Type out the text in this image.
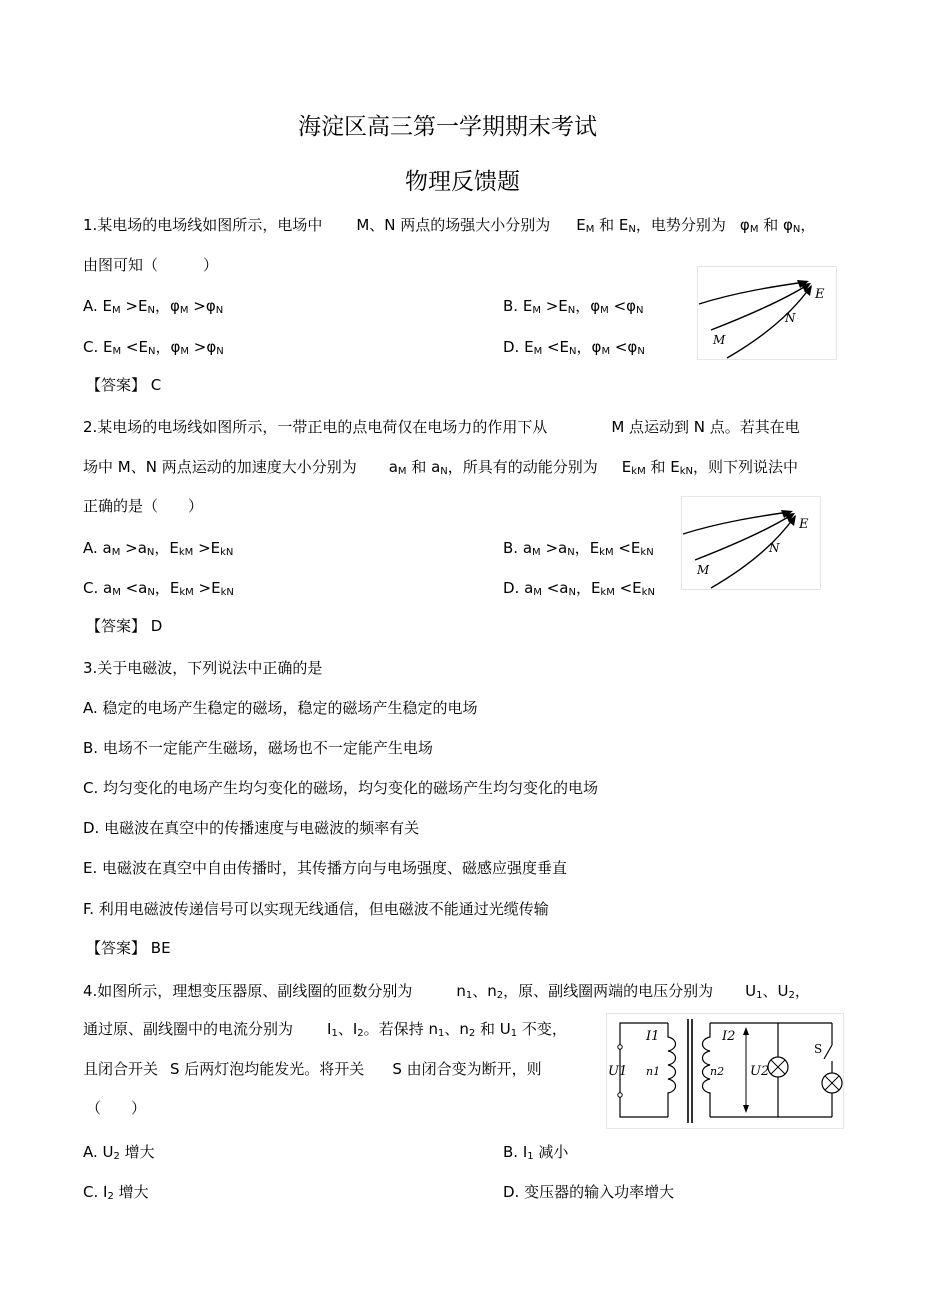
海淀区高三第一学期期末考试
物理反馈题
1.某电场的电场线如图所示，电场中 M、N 两点的场强大小分别为 $E_M$ 和 $E_N$，电势分别为 $\varphi_M$ 和 $\varphi_N$，
由图可知（　　　）
A. $E_M >E_N$，$\varphi_M >\varphi_N$	B. $E_M >E_N$，$\varphi_M <\varphi_N$
C. $E_M <E_N$，$\varphi_M >\varphi_N$	D. $E_M <E_N$，$\varphi_M <\varphi_N$
【答案】 C
E
N
M
2.某电场的电场线如图所示，一带正电的点电荷仅在电场力的作用下从	M 点运动到 N 点。若其在电
场中 M、N 两点运动的加速度大小分别为 $a_M$ 和 $a_N$，所具有的动能分别为 $E_{kM}$ 和 $E_{kN}$，则下列说法中
正确的是（　　）
A. $a_M >a_N$，$E_{kM} >E_{kN}$	B. $a_M >a_N$，$E_{kM} <E_{kN}$
C. $a_M <a_N$，$E_{kM} >E_{kN}$	D. $a_M <a_N$，$E_{kM} <E_{kN}$
【答案】 D
E
N
M
3.关于电磁波，下列说法中正确的是
A. 稳定的电场产生稳定的磁场，稳定的磁场产生稳定的电场
B. 电场不一定能产生磁场，磁场也不一定能产生电场
C. 均匀变化的电场产生均匀变化的磁场，均匀变化的磁场产生均匀变化的电场
D. 电磁波在真空中的传播速度与电磁波的频率有关
E. 电磁波在真空中自由传播时，其传播方向与电场强度、磁感应强度垂直
F. 利用电磁波传递信号可以实现无线通信，但电磁波不能通过光缆传输
【答案】 BE
4.如图所示，理想变压器原、副线圈的匝数分别为	$n_1$、$n_2$，原、副线圈两端的电压分别为 $U_1$、$U_2$，
通过原、副线圈中的电流分别为 $I_1$、$I_2$。若保持 $n_1$、$n_2$ 和 $U_1$ 不变，
且闭合开关 S 后两灯泡均能发光。将开关 S 由闭合变为断开，则
（　　）
A. $U_2$ 增大	B. $I_1$ 减小
C. $I_2$ 增大	D. 变压器的输入功率增大
I1	I2
U1 n1	n2 U2
S
